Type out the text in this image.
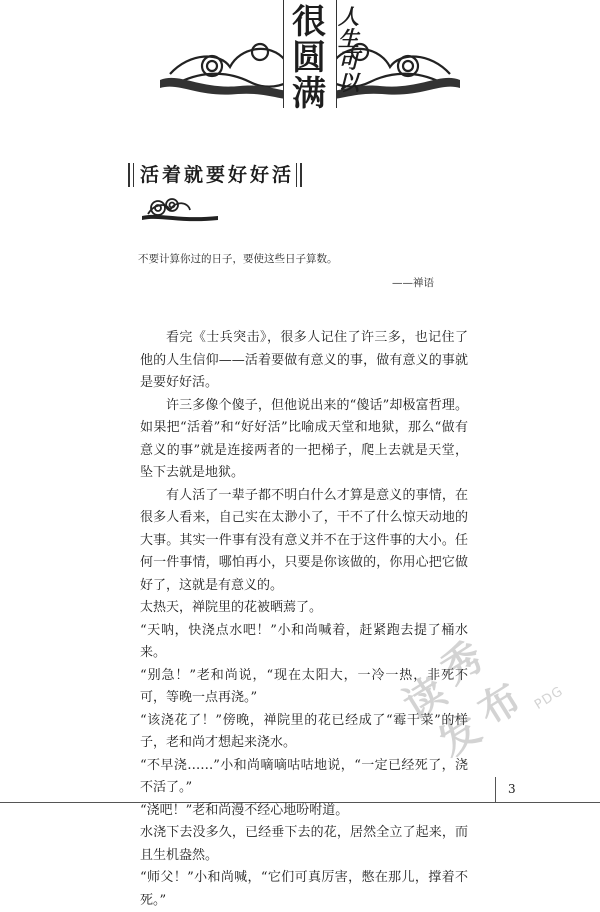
很
圆
满
人
生
可
以
活着就要好好活
不要计算你过的日子，要使这些日子算数。
——禅语

看完《士兵突击》，很多人记住了许三多，也记住了他的人生信仰——活着要做有意义的事，做有意义的事就是要好好活。

许三多像个傻子，但他说出来的“傻话”却极富哲理。如果把“活着”和“好好活”比喻成天堂和地狱，那么“做有意义的事”就是连接两者的一把梯子，爬上去就是天堂，坠下去就是地狱。

有人活了一辈子都不明白什么才算是意义的事情，在很多人看来，自己实在太渺小了，干不了什么惊天动地的大事。其实一件事有没有意义并不在于这件事的大小。任何一件事情，哪怕再小，只要是你该做的，你用心把它做好了，这就是有意义的。

太热天，禅院里的花被晒蔫了。

“天呐，快浇点水吧！”小和尚喊着，赶紧跑去提了桶水来。

“别急！”老和尚说，“现在太阳大，一冷一热，非死不可，等晚一点再浇。”

“该浇花了！”傍晚，禅院里的花已经成了“霉干菜”的样子，老和尚才想起来浇水。

“不早浇……”小和尚嘀嘀咕咕地说，“一定已经死了，浇不活了。”

“浇吧！”老和尚漫不经心地吩咐道。

水浇下去没多久，已经垂下去的花，居然全立了起来，而且生机盎然。

“师父！”小和尚喊，“它们可真厉害，憋在那儿，撑着不死。”

读
秀
发
布 PDG
3
